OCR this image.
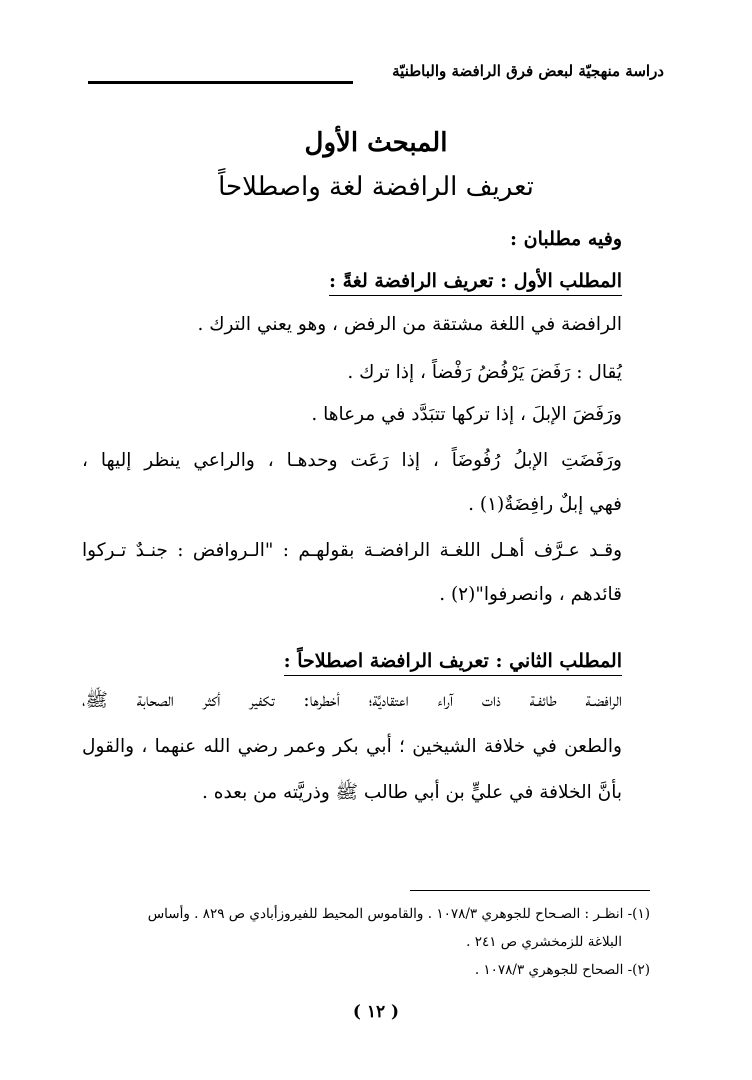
دراسة منهجيّة لبعض فرق الرافضة والباطنيّة
المبحث الأول
تعريف الرافضة لغة واصطلاحاً
وفيه مطلبان :
المطلب الأول : تعريف الرافضة لغةً :
الرافضة في اللغة مشتقة من الرفض ، وهو يعني الترك .
يُقال : رَفَضَ يَرْفُضُ رَفْضاً ، إذا ترك .
ورَفَضَ الإبلَ ، إذا تركها تتبَدَّد في مرعاها .
ورَفَضَتِ الإبلُ رُفُوضَاً ، إذا رَعَت وحدهـا ، والراعي ينظر إليها ،
فهي إبلٌ رافِضَةٌ(١) .
وقـد عـرَّف أهـل اللغـة الرافضـة بقولهـم : "الـروافض : جنـدٌ تـركوا
قائدهم ، وانصرفوا"(٢) .
المطلب الثاني : تعريف الرافضة اصطلاحاً :
الرافضـة طائفـة ذات آراء اعتقاديَّة؛ أخطرها: تكفير أكثر الصحابة ﷺ،
والطعن في خلافة الشيخين ؛ أبي بكر وعمر رضي الله عنهما ، والقول
بأنَّ الخلافة في عليٍّ بن أبي طالب ﷺ وذريَّته من بعده .
(١)- انظـر : الصـحاح للجوهري ١٠٧٨/٣ . والقاموس المحيط للفيروزأبادي ص ٨٢٩ . وأساس
البلاغة للزمخشري ص ٢٤١ .
(٢)- الصحاح للجوهري ١٠٧٨/٣ .
( ١٢ )
